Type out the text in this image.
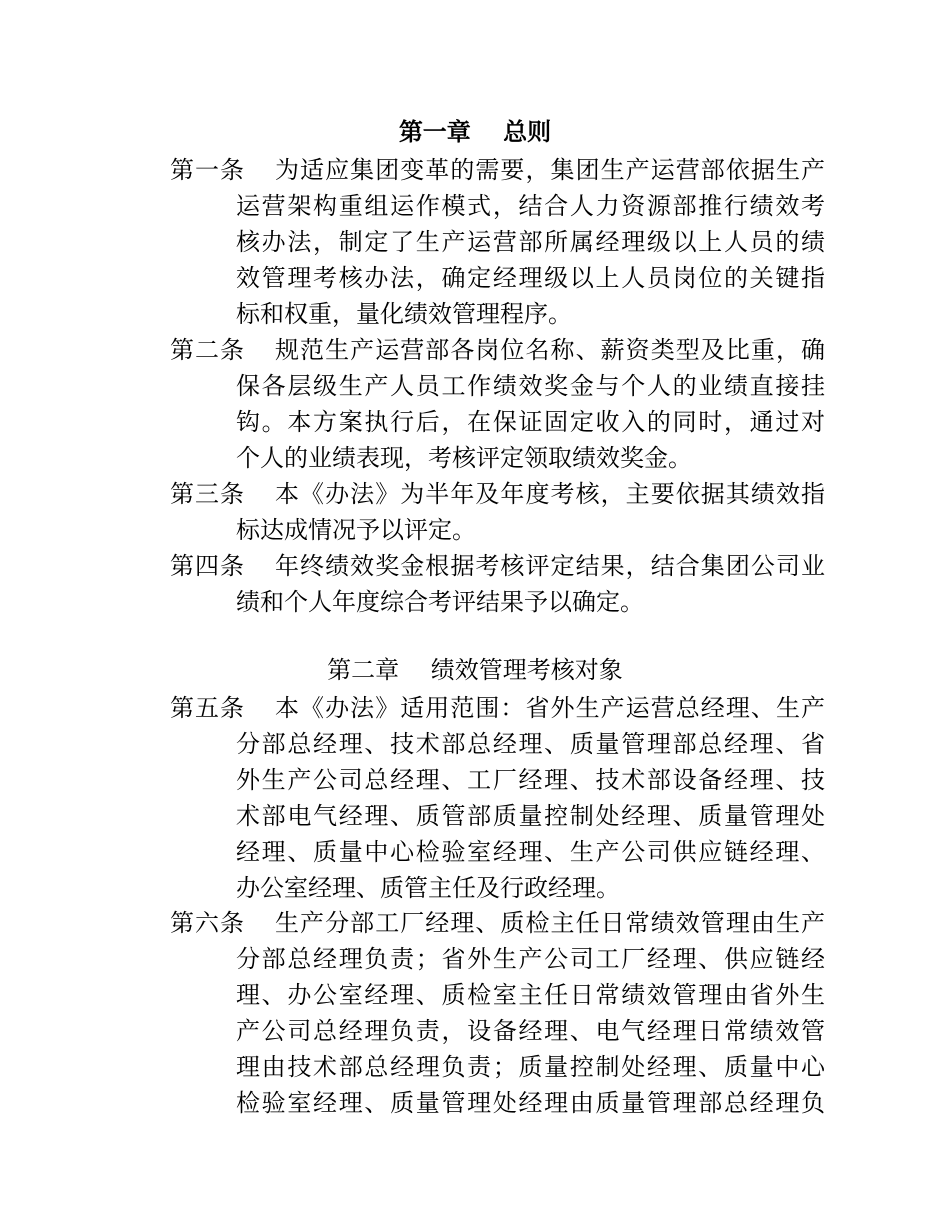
第一章　 总则
第一条 为适应集团变革的需要，集团生产运营部依据生产
运营架构重组运作模式，结合人力资源部推行绩效考
核办法，制定了生产运营部所属经理级以上人员的绩
效管理考核办法，确定经理级以上人员岗位的关键指
标和权重，量化绩效管理程序。
第二条 规范生产运营部各岗位名称、薪资类型及比重，确
保各层级生产人员工作绩效奖金与个人的业绩直接挂
钩。本方案执行后，在保证固定收入的同时，通过对
个人的业绩表现，考核评定领取绩效奖金。
第三条 本《办法》为半年及年度考核，主要依据其绩效指
标达成情况予以评定。
第四条 年终绩效奖金根据考核评定结果，结合集团公司业
绩和个人年度综合考评结果予以确定。
第二章　 绩效管理考核对象
第五条 本《办法》适用范围：省外生产运营总经理、生产
分部总经理、技术部总经理、质量管理部总经理、省
外生产公司总经理、工厂经理、技术部设备经理、技
术部电气经理、质管部质量控制处经理、质量管理处
经理、质量中心检验室经理、生产公司供应链经理、
办公室经理、质管主任及行政经理。
第六条 生产分部工厂经理、质检主任日常绩效管理由生产
分部总经理负责；省外生产公司工厂经理、供应链经
理、办公室经理、质检室主任日常绩效管理由省外生
产公司总经理负责，设备经理、电气经理日常绩效管
理由技术部总经理负责；质量控制处经理、质量中心
检验室经理、质量管理处经理由质量管理部总经理负
